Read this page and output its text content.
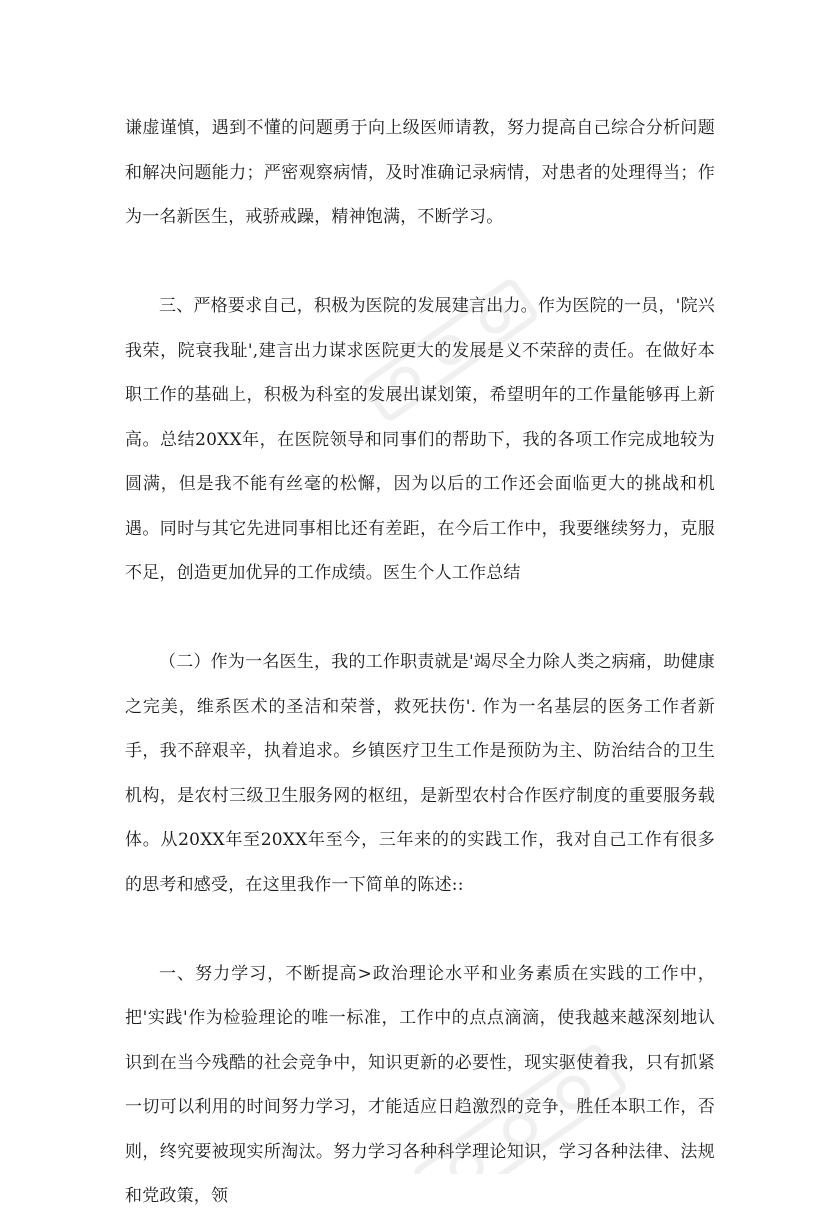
谦虚谨慎，遇到不懂的问题勇于向上级医师请教，努力提高自己综合分析问题和解决问题能力；严密观察病情，及时准确记录病情，对患者的处理得当；作为一名新医生，戒骄戒躁，精神饱满，不断学习。

三、严格要求自己，积极为医院的发展建言出力。作为医院的一员，'院兴我荣，院衰我耻',建言出力谋求医院更大的发展是义不荣辞的责任。在做好本职工作的基础上，积极为科室的发展出谋划策，希望明年的工作量能够再上新高。总结20XX年，在医院领导和同事们的帮助下，我的各项工作完成地较为圆满，但是我不能有丝毫的松懈，因为以后的工作还会面临更大的挑战和机遇。同时与其它先进同事相比还有差距，在今后工作中，我要继续努力，克服不足，创造更加优异的工作成绩。医生个人工作总结

（二）作为一名医生，我的工作职责就是'竭尽全力除人类之病痛，助健康之完美，维系医术的圣洁和荣誉，救死扶伤'. 作为一名基层的医务工作者新手，我不辞艰辛，执着追求。乡镇医疗卫生工作是预防为主、防治结合的卫生机构，是农村三级卫生服务网的枢纽，是新型农村合作医疗制度的重要服务载体。从20XX年至20XX年至今，三年来的的实践工作，我对自己工作有很多的思考和感受，在这里我作一下简单的陈述::

一、努力学习，不断提高>政治理论水平和业务素质在实践的工作中，把'实践'作为检验理论的唯一标准，工作中的点点滴滴，使我越来越深刻地认识到在当今残酷的社会竞争中，知识更新的必要性，现实驱使着我，只有抓紧一切可以利用的时间努力学习，才能适应日趋激烈的竞争，胜任本职工作，否则，终究要被现实所淘汰。努力学习各种科学理论知识，学习各种法律、法规和党政策，领
